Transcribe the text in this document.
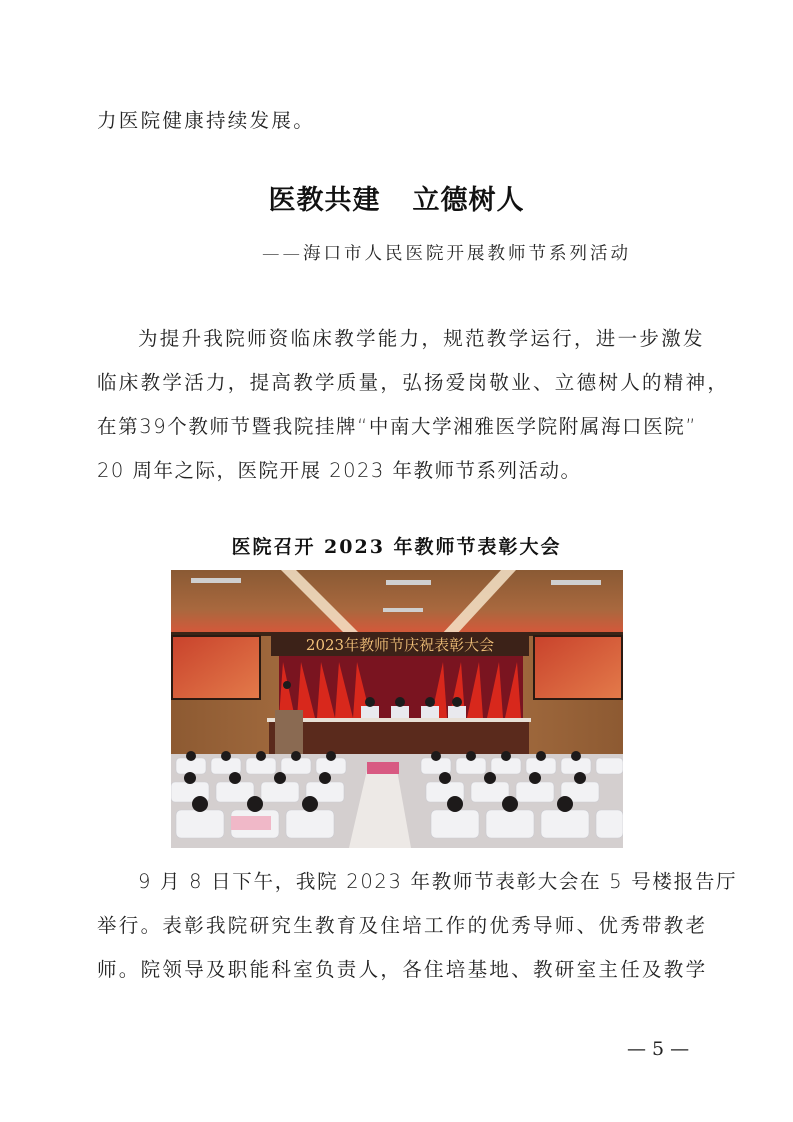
力医院健康持续发展。
医教共建 立德树人
——海口市人民医院开展教师节系列活动
为提升我院师资临床教学能力，规范教学运行，进一步激发
临床教学活力，提高教学质量，弘扬爱岗敬业、立德树人的精神，
在第39个教师节暨我院挂牌“中南大学湘雅医学院附属海口医院”
20 周年之际，医院开展 2023 年教师节系列活动。
医院召开 2023 年教师节表彰大会
2023年教师节庆祝表彰大会
9 月 8 日下午，我院 2023 年教师节表彰大会在 5 号楼报告厅
举行。表彰我院研究生教育及住培工作的优秀导师、优秀带教老
师。院领导及职能科室负责人，各住培基地、教研室主任及教学
— 5 —
